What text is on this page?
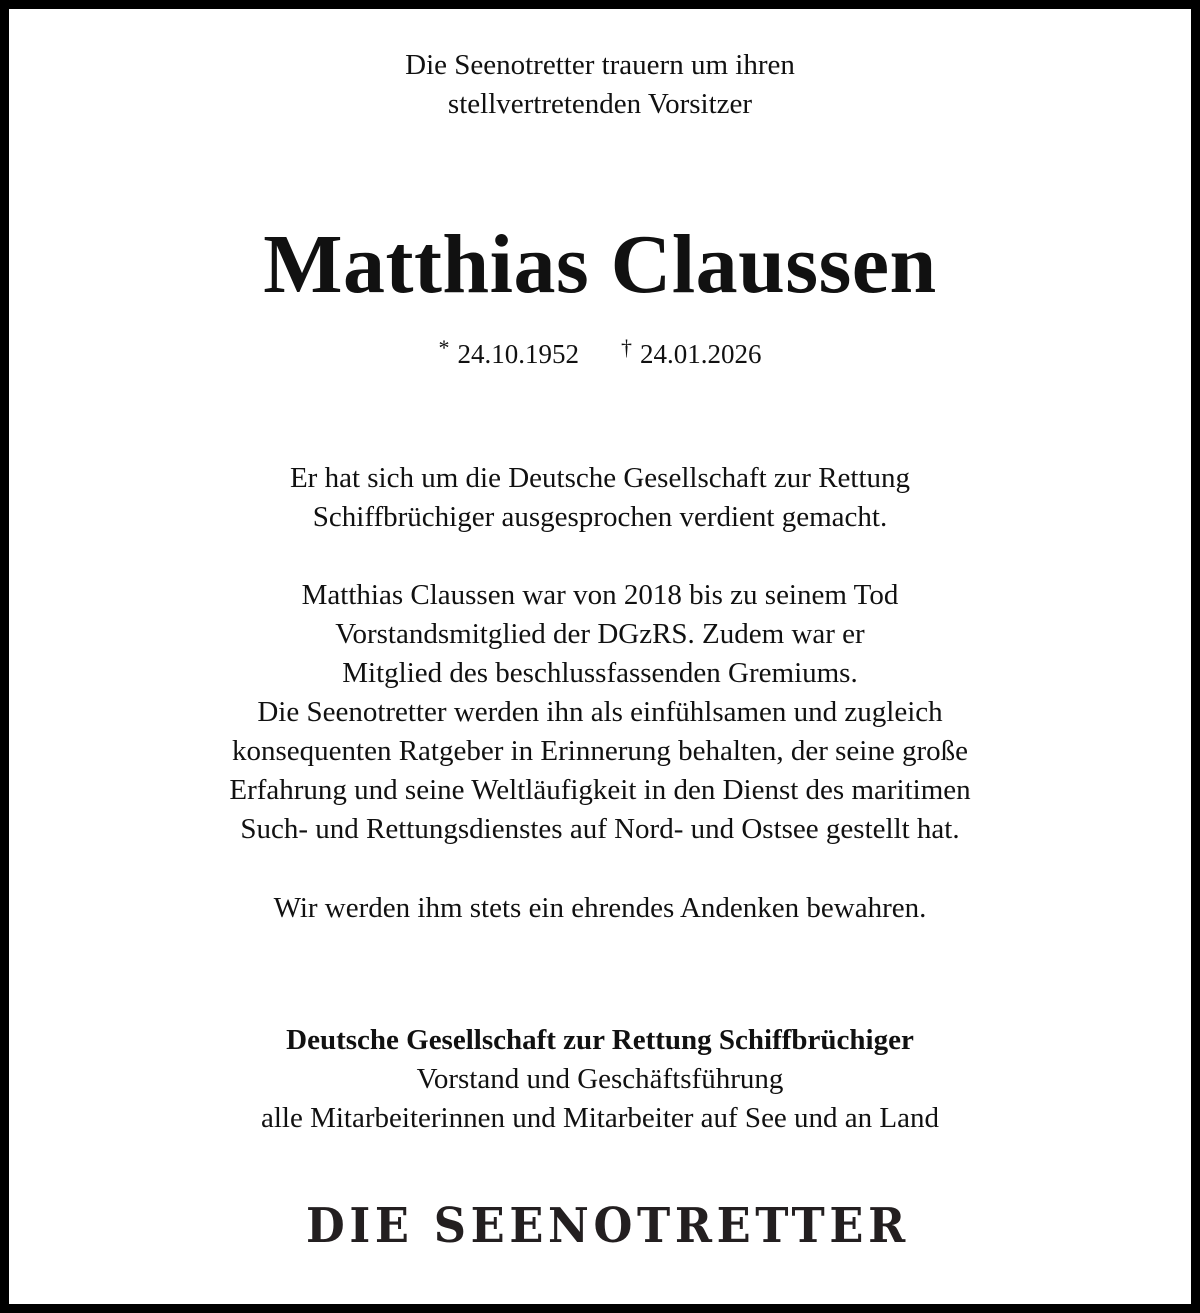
Die Seenotretter trauern um ihren
stellvertretenden Vorsitzer
Matthias Claussen
* 24.10.1952 † 24.01.2026
Er hat sich um die Deutsche Gesellschaft zur Rettung
Schiffbrüchiger ausgesprochen verdient gemacht.
Matthias Claussen war von 2018 bis zu seinem Tod
Vorstandsmitglied der DGzRS. Zudem war er
Mitglied des beschlussfassenden Gremiums.
Die Seenotretter werden ihn als einfühlsamen und zugleich
konsequenten Ratgeber in Erinnerung behalten, der seine große
Erfahrung und seine Weltläufigkeit in den Dienst des maritimen
Such- und Rettungsdienstes auf Nord- und Ostsee gestellt hat.
Wir werden ihm stets ein ehrendes Andenken bewahren.
Deutsche Gesellschaft zur Rettung Schiffbrüchiger
Vorstand und Geschäftsführung
alle Mitarbeiterinnen und Mitarbeiter auf See und an Land
DIE SEENOTRETTER
